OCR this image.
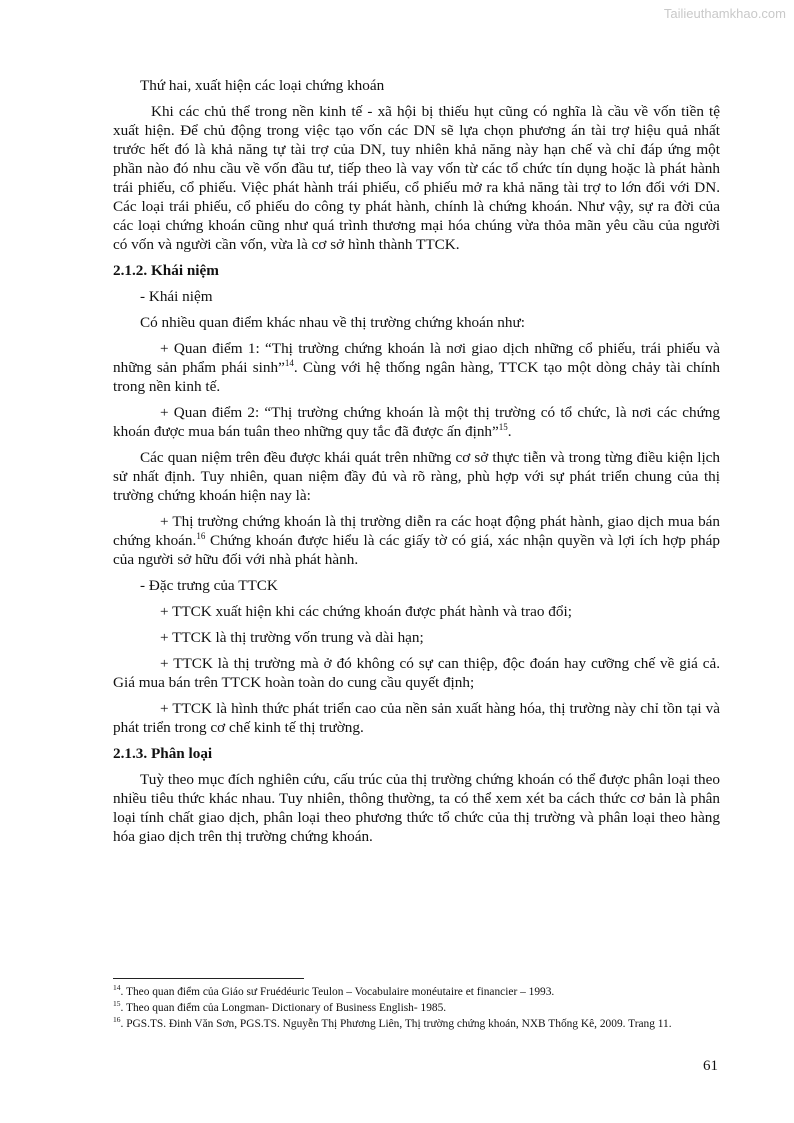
Tailieuthamkhao.com

Thứ hai, xuất hiện các loại chứng khoán

Khi các chủ thể trong nền kinh tế - xã hội bị thiếu hụt cũng có nghĩa là cầu về vốn tiền tệ xuất hiện. Để chủ động trong việc tạo vốn các DN sẽ lựa chọn phương án tài trợ hiệu quả nhất trước hết đó là khả năng tự tài trợ của DN, tuy nhiên khả năng này hạn chế và chỉ đáp ứng một phần nào đó nhu cầu về vốn đầu tư, tiếp theo là vay vốn từ các tổ chức tín dụng hoặc là phát hành trái phiếu, cổ phiếu. Việc phát hành trái phiếu, cổ phiếu mở ra khả năng tài trợ to lớn đối với DN. Các loại trái phiếu, cổ phiếu do công ty phát hành, chính là chứng khoán. Như vậy, sự ra đời của các loại chứng khoán cũng như quá trình thương mại hóa chúng vừa thỏa mãn yêu cầu của người có vốn và người cần vốn, vừa là cơ sở hình thành TTCK.

2.1.2. Khái niệm

- Khái niệm

Có nhiều quan điểm khác nhau về thị trường chứng khoán như:

+ Quan điểm 1: “Thị trường chứng khoán là nơi giao dịch những cổ phiếu, trái phiếu và những sản phẩm phái sinh”$^{14}$. Cùng với hệ thống ngân hàng, TTCK tạo một dòng chảy tài chính trong nền kinh tế.

+ Quan điểm 2: “Thị trường chứng khoán là một thị trường có tổ chức, là nơi các chứng khoán được mua bán tuân theo những quy tắc đã được ấn định”$^{15}$.

Các quan niệm trên đều được khái quát trên những cơ sở thực tiễn và trong từng điều kiện lịch sử nhất định. Tuy nhiên, quan niệm đầy đủ và rõ ràng, phù hợp với sự phát triển chung của thị trường chứng khoán hiện nay là:

+ Thị trường chứng khoán là thị trường diễn ra các hoạt động phát hành, giao dịch mua bán chứng khoán.$^{16}$ Chứng khoán được hiểu là các giấy tờ có giá, xác nhận quyền và lợi ích hợp pháp của người sở hữu đối với nhà phát hành.

- Đặc trưng của TTCK

+ TTCK xuất hiện khi các chứng khoán được phát hành và trao đổi;

+ TTCK là thị trường vốn trung và dài hạn;

+ TTCK là thị trường mà ở đó không có sự can thiệp, độc đoán hay cưỡng chế về giá cả. Giá mua bán trên TTCK hoàn toàn do cung cầu quyết định;

+ TTCK là hình thức phát triển cao của nền sản xuất hàng hóa, thị trường này chỉ tồn tại và phát triển trong cơ chế kinh tế thị trường.

2.1.3. Phân loại

Tuỳ theo mục đích nghiên cứu, cấu trúc của thị trường chứng khoán có thể được phân loại theo nhiều tiêu thức khác nhau. Tuy nhiên, thông thường, ta có thể xem xét ba cách thức cơ bản là phân loại tính chất giao dịch, phân loại theo phương thức tổ chức của thị trường và phân loại theo hàng hóa giao dịch trên thị trường chứng khoán.

$^{14}$. Theo quan điểm của Giáo sư Fruédéuric Teulon – Vocabulaire monéutaire et financier – 1993.

$^{15}$. Theo quan điểm của Longman- Dictionary of Business English- 1985.

$^{16}$. PGS.TS. Đinh Văn Sơn, PGS.TS. Nguyễn Thị Phương Liên, Thị trường chứng khoán, NXB Thống Kê, 2009. Trang 11.

61
